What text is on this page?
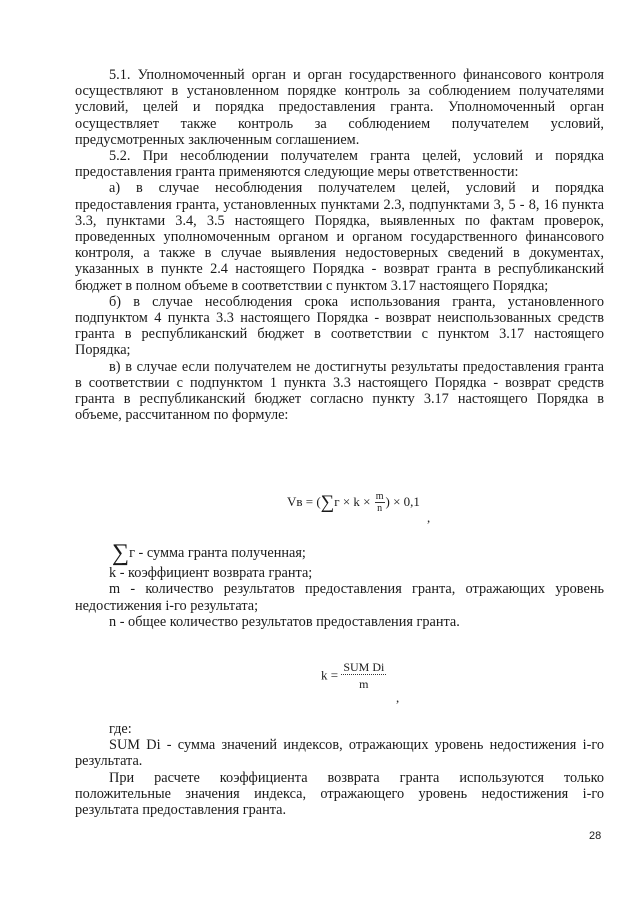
5.1. Уполномоченный орган и орган государственного финансового контроля осуществляют в установленном порядке контроль за соблюдением получателями условий, целей и порядка предоставления гранта. Уполномоченный орган осуществляет также контроль за соблюдением получателем условий, предусмотренных заключенным соглашением.

5.2. При несоблюдении получателем гранта целей, условий и порядка предоставления гранта применяются следующие меры ответственности:

а) в случае несоблюдения получателем целей, условий и порядка предоставления гранта, установленных пунктами 2.3, подпунктами 3, 5 - 8, 16 пункта 3.3, пунктами 3.4, 3.5 настоящего Порядка, выявленных по фактам проверок, проведенных уполномоченным органом и органом государственного финансового контроля, а также в случае выявления недостоверных сведений в документах, указанных в пункте 2.4 настоящего Порядка - возврат гранта в республиканский бюджет в полном объеме в соответствии с пунктом 3.17 настоящего Порядка;

б) в случае несоблюдения срока использования гранта, установленного подпунктом 4 пункта 3.3 настоящего Порядка - возврат неиспользованных средств гранта в республиканский бюджет в соответствии с пунктом 3.17 настоящего Порядка;

в) в случае если получателем не достигнуты результаты предоставления гранта в соответствии с подпунктом 1 пункта 3.3 настоящего Порядка - возврат средств гранта в республиканский бюджет согласно пункту 3.17 настоящего Порядка в объеме, рассчитанном по формуле:

Vв = ($\sum г \times k \times \frac{m}{n}$ ) × 0,1
,

∑г - сумма гранта полученная;

k - коэффициент возврата гранта;

m - количество результатов предоставления гранта, отражающих уровень недостижения i-го результата;

n - общее количество результатов предоставления гранта.

$k = \frac{\text{SUM Di}}{m}$
,

где:

SUM Di - сумма значений индексов, отражающих уровень недостижения i-го результата.

При расчете коэффициента возврата гранта используются только положительные значения индекса, отражающего уровень недостижения i-го результата предоставления гранта.

28
